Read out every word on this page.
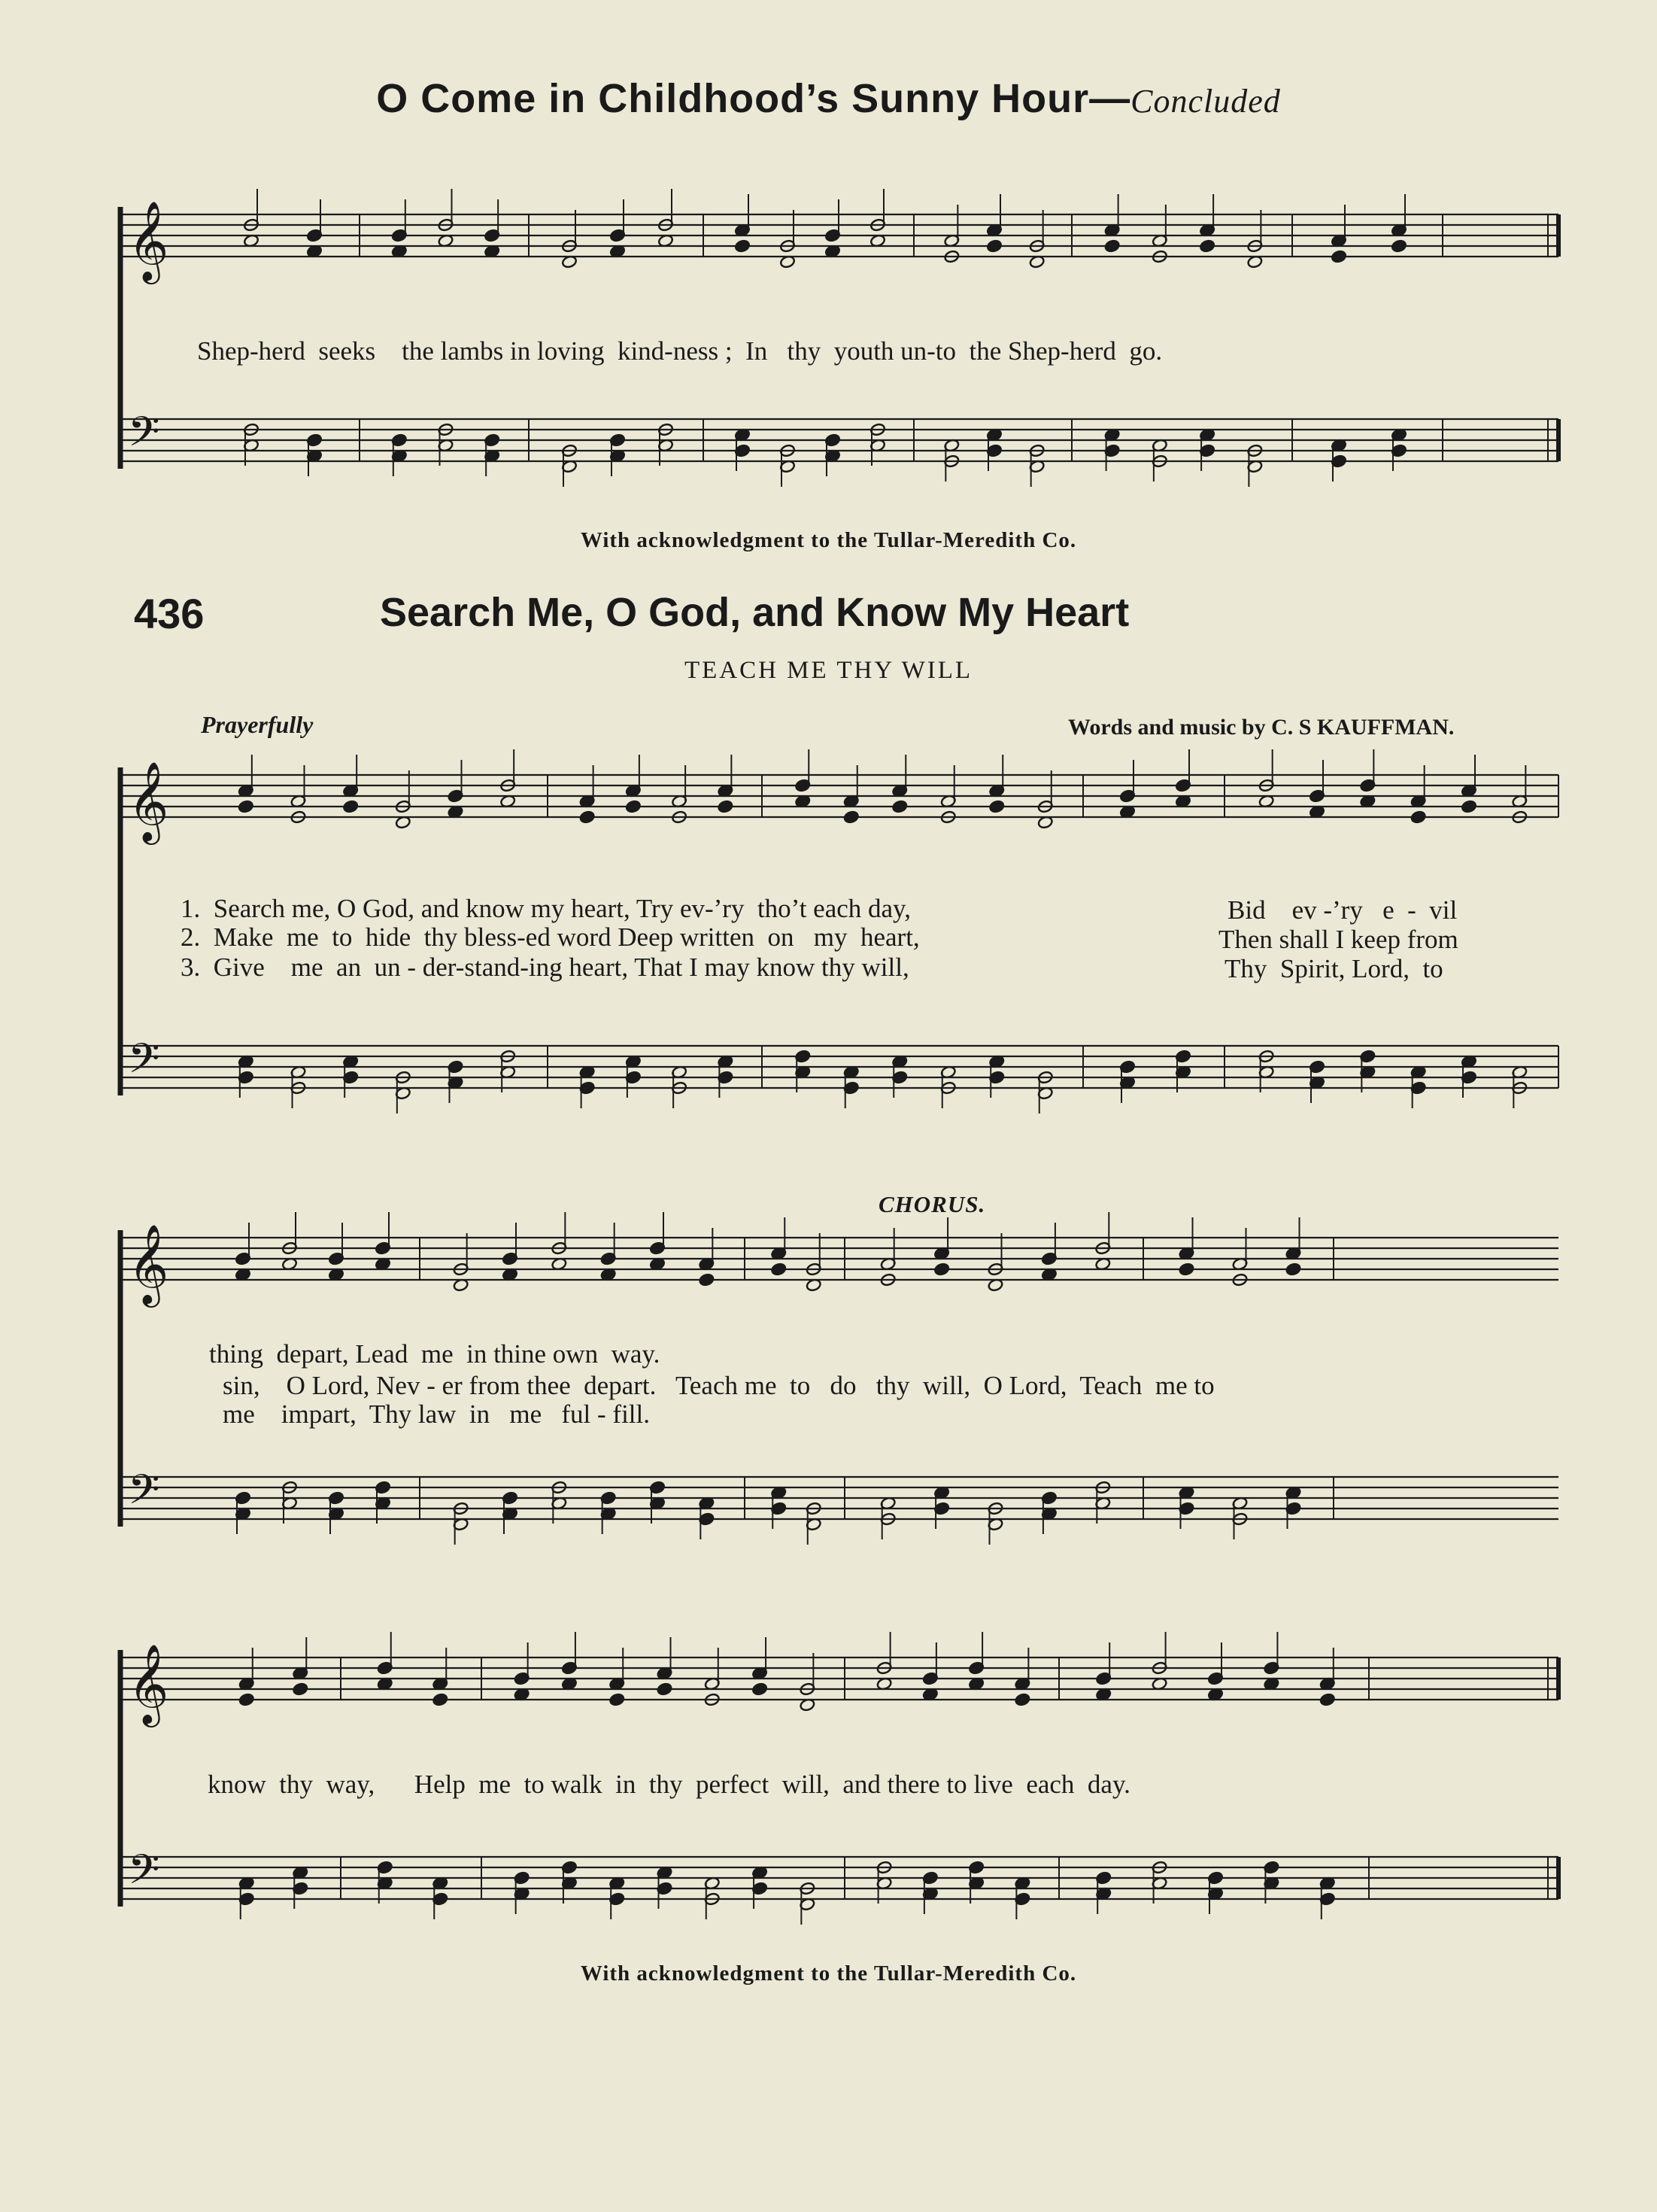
O Come in Childhood’s Sunny Hour—Concluded
Shep-herd  seeks    the lambs in loving  kind-ness ;  In   thy  youth un-to  the Shep-herd  go.
With acknowledgment to the Tullar-Meredith Co.
436	Search Me, O God, and Know My Heart
TEACH ME THY WILL
Prayerfully	Words and music by C. S KAUFFMAN.
1.  Search me, O God, and know my heart, Try ev-’ry  tho’t each day,
2.  Make  me  to  hide  thy bless-ed word Deep written  on   my  heart,
3.  Give    me  an  un - der-stand-ing heart, That I may know thy will,
Bid    ev -’ry   e  -  vil
Then shall I keep from
Thy  Spirit, Lord,  to
CHORUS.
thing  depart, Lead  me  in thine own  way.
sin,    O Lord, Nev - er from thee  depart.   Teach me  to   do   thy  will,  O Lord,  Teach  me to
me    impart,  Thy law  in   me   ful - fill.
know  thy  way,      Help  me  to walk  in  thy  perfect  will,  and there to live  each  day.
With acknowledgment to the Tullar-Meredith Co.
𝄞
𝄢
𝄞
𝄢
𝄞
𝄢
𝄞
𝄢
